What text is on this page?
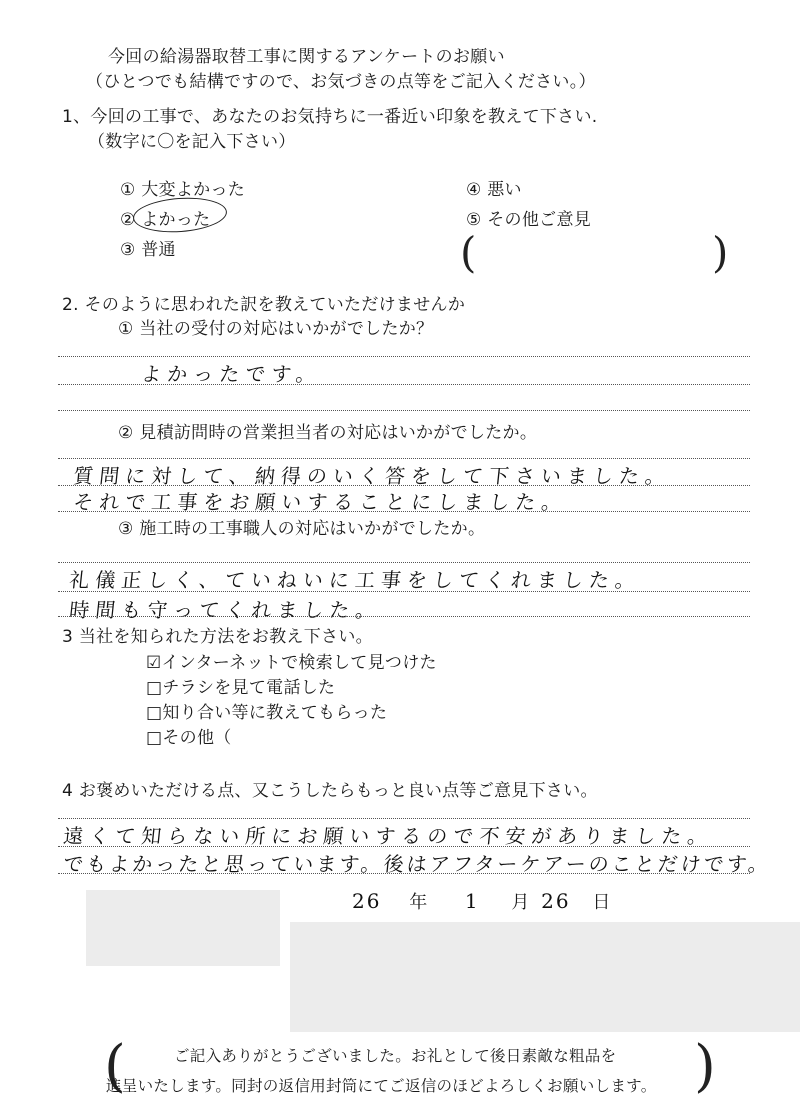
今回の給湯器取替工事に関するアンケートのお願い
（ひとつでも結構ですので、お気づきの点等をご記入ください。）
1、今回の工事で、あなたのお気持ちに一番近い印象を教えて下さい.
（数字に〇を記入下さい）
① 大変よかった
② よかった
③ 普通
④ 悪い
⑤ その他ご意見
(	)
2. そのように思われた訳を教えていただけませんか
① 当社の受付の対応はいかがでしたか？
よかったです。
② 見積訪問時の営業担当者の対応はいかがでしたか。
質問に対して、納得のいく答をして下さいました。
それで工事をお願いすることにしました。
③ 施工時の工事職人の対応はいかがでしたか。
礼儀正しく、ていねいに工事をしてくれました。
時間も守ってくれました。
3 当社を知られた方法をお教え下さい。
☑インターネットで検索して見つけた
□チラシを見て電話した
□知り合い等に教えてもらった
□その他（
4 お褒めいただける点、又こうしたらもっと良い点等ご意見下さい。
遠くて知らない所にお願いするので不安がありました。
でもよかったと思っています。後はアフターケアーのことだけです。
26 年 1 月 26 日
(	ご記入ありがとうございました。お礼として後日素敵な粗品を
進呈いたします。同封の返信用封筒にてご返信のほどよろしくお願いします。 )
